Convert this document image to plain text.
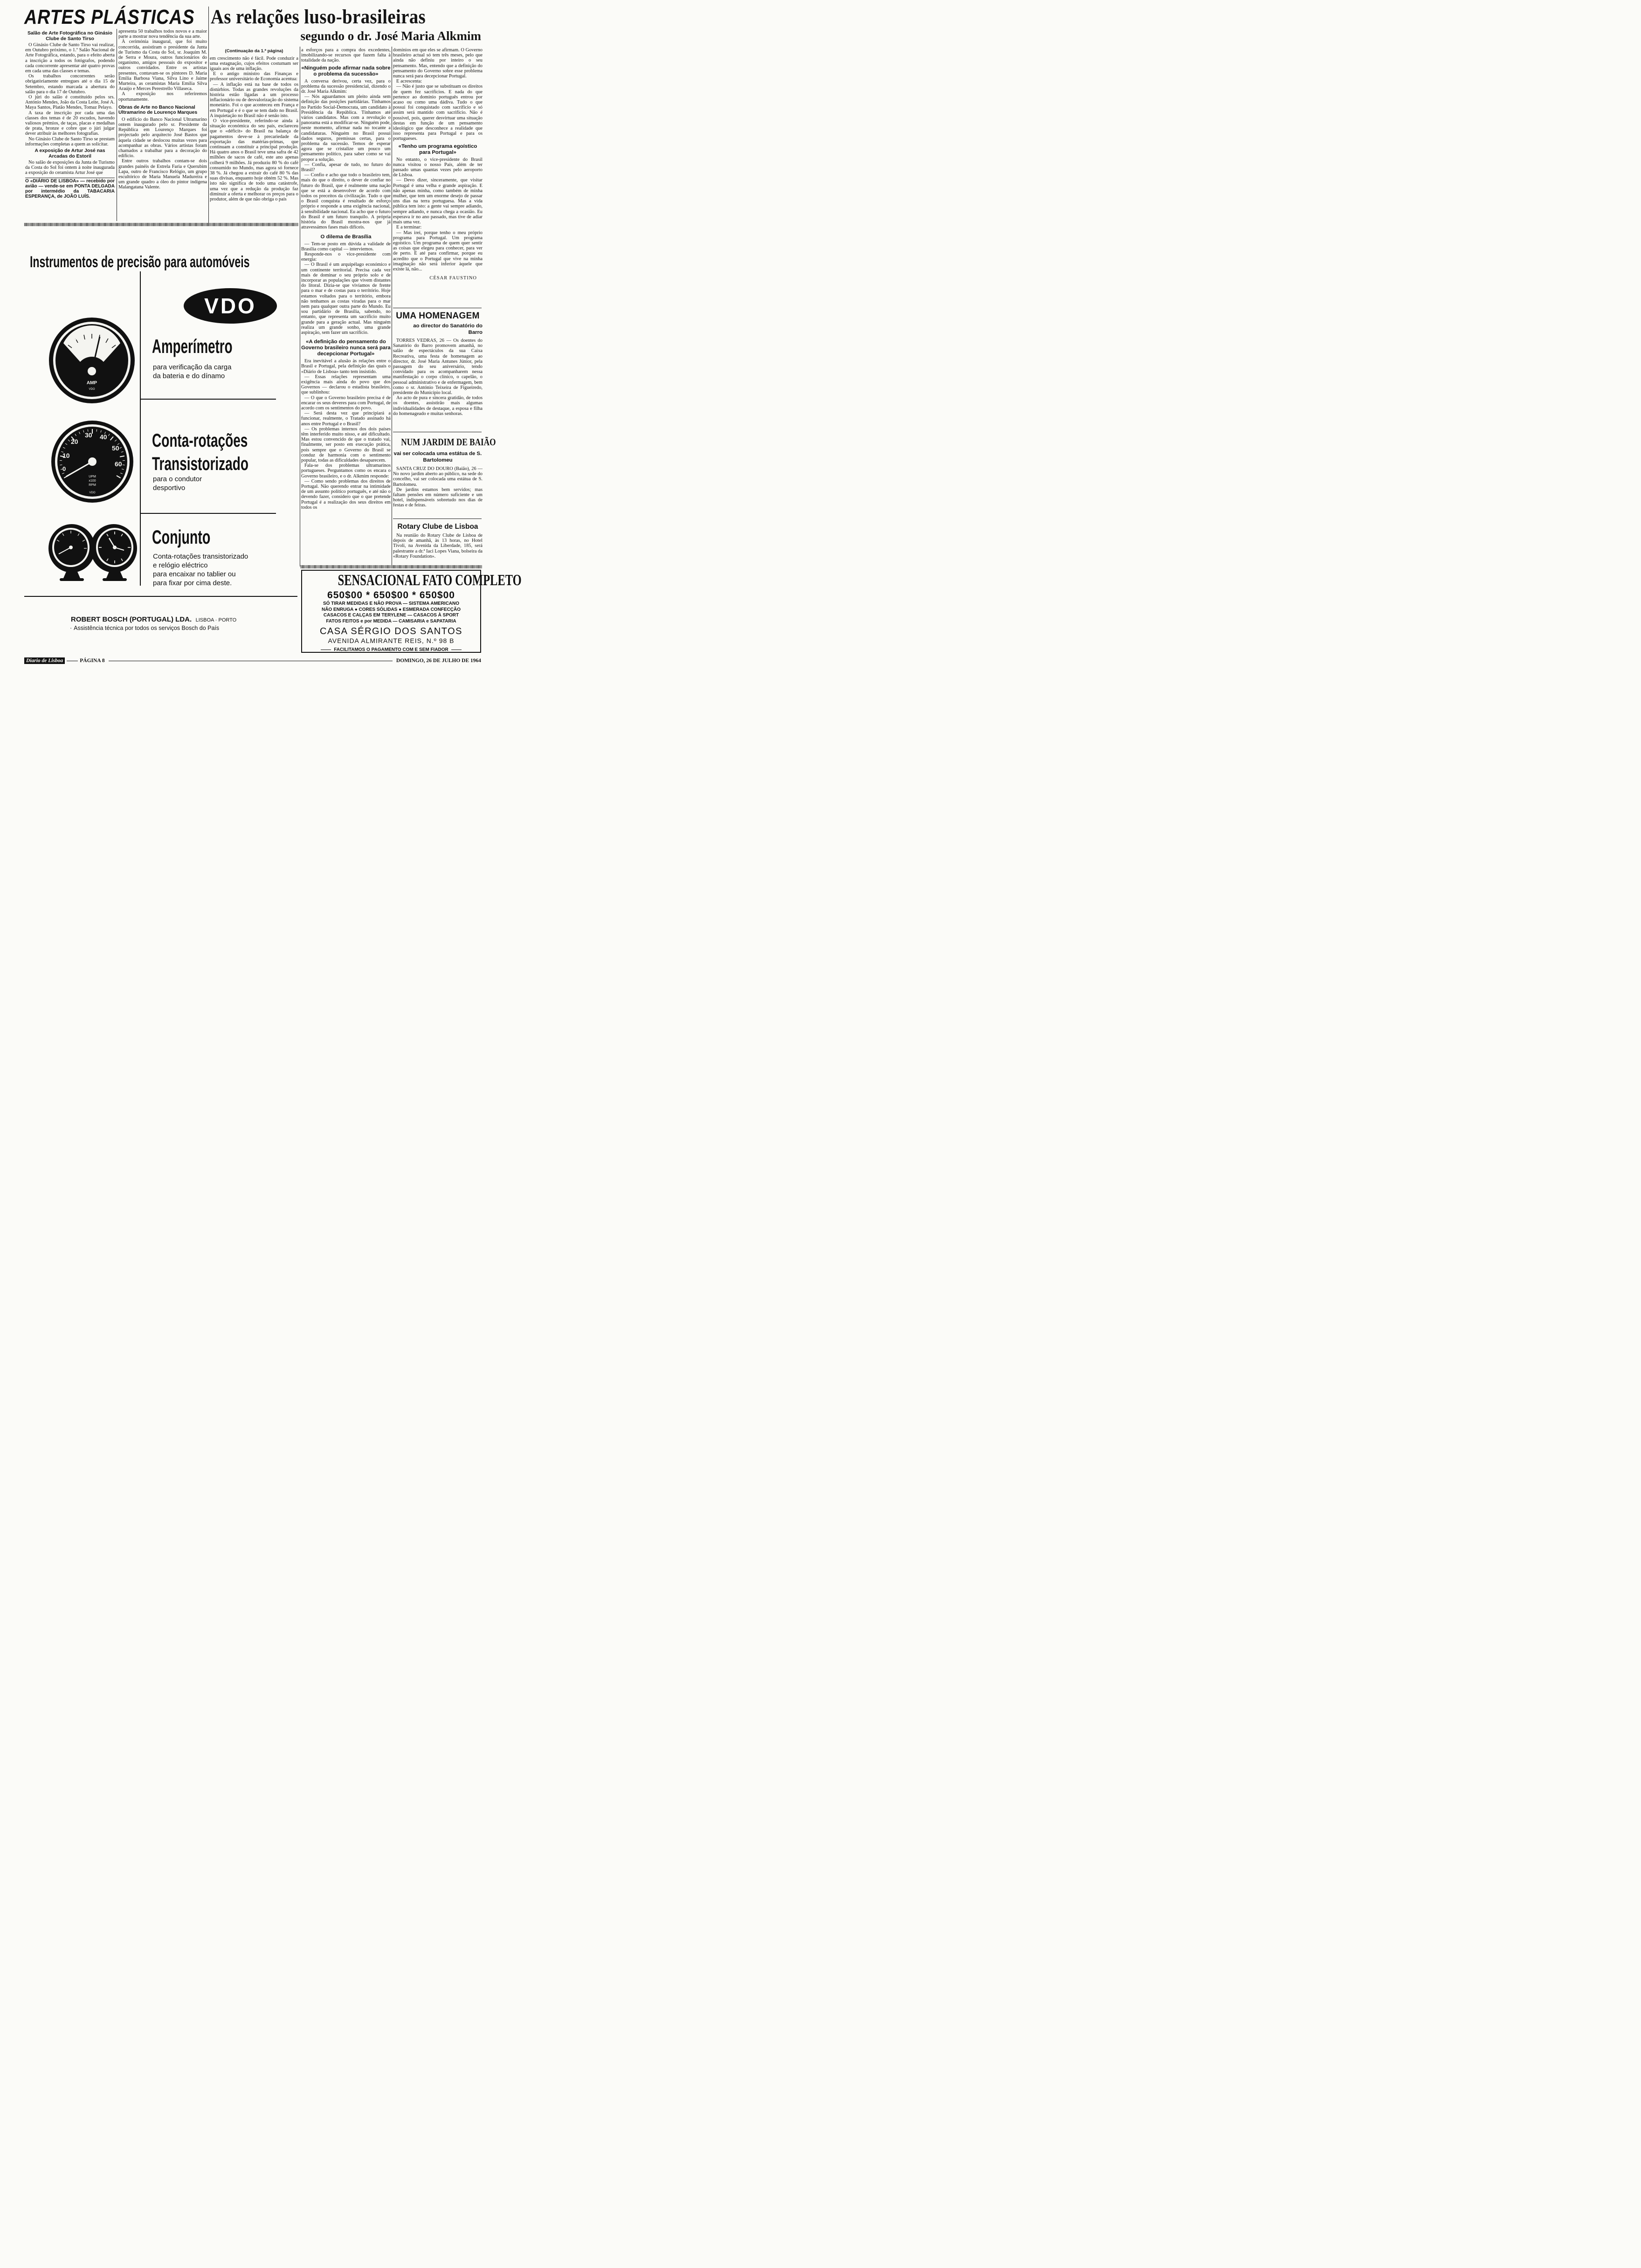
ARTES PLÁSTICAS
Salão de Arte Fotográfica no Ginásio Clube de Santo Tirso
O Ginásio Clube de Santo Tirso vai realizar, em Outubro próximo, o 1.º Salão Nacional de Arte Fotográfica, estando, para o efeito aberta a inscrição a todos os fotógrafos, podendo cada concorrente apresentar até quatro provas em cada uma das classes e temas.
Os trabalhos concorrentes serão obrigatòriamente entregues até o dia 15 de Setembro, estando marcada a abertura do salão para o dia 17 de Outubro.
O júri do salão é constituído pelos srs. António Mendes, João da Costa Leite, José A. Maya Santos, Platão Mendes, Tomaz Pelayo.
A taxa de inscrição por cada uma das classes dos temas é de 20 escudos, havendo valiosos prémios, de taças, placas e medalhas de prata, bronze e cobre que o júri julgar dever atribuir às melhores fotografias.
No Ginásio Clube de Santo Tirso se prestam informações completas a quem as solicitar.
A exposição de Artur José nas Arcadas do Estoril
No salão de exposições da Junta de Turismo da Costa do Sol foi ontem à noite inaugurada a exposição do ceramista Artur José que
O «DIÁRIO DE LISBOA» — recebido por avião — vende-se em PONTA DELGADA por intermédio da TABACARIA ESPERANÇA, de JOÃO LUÍS.
apresenta 50 trabalhos todos novos e a maior parte a mostrar nova tendência da sua arte.
À cerimónia inaugural, que foi muito concorrida, assistiram o presidente da Junta de Turismo da Costa do Sol, sr. Joaquim M. de Serra e Moura, outros funcionários do organismo, amigos pessoais do expositor e outros convidados. Entre os artistas presentes, contavam-se os pintores D. Maria Emília Barbosa Viana, Silva Lino e Jaime Murteira, as ceramistas Maria Emília Silva Araújo e Merces Perestrello Villaseca.
A exposição nos referiremos oportunamente.
Obras de Arte no Banco Nacional Ultramarino de Lourenço Marques
O edifício do Banco Nacional Ultramarino ontem inaugurado pelo sr. Presidente da República em Lourenço Marques foi projectado pelo arquitecto José Bastos que àquela cidade se deslocou muitas vezes para acompanhar as obras. Vários artistas foram chamados a trabalhar para a decoração do edifício.
Entre outros trabalhos contam-se dois grandes painéis de Estrela Faria e Querubim Lapa, outro de Francisco Relógio, um grupo escultórico de Maria Manuela Madureira e um grande quadro a óleo do pintor indígena Malangatana Valente.
As relações luso-brasileiras
segundo o dr. José Maria Alkmim
(Continuação da 1.ª página)
em crescimento não é fácil. Pode conduzir a uma estagnação, cujos efeitos costumam ser iguais aos de uma inflação.
E o antigo ministro das Finanças e professor universitário de Economia acentua:
— A inflação está na base de todos os distúrbios. Todas as grandes revoluções da história estão ligadas a um processo inflacionário ou de desvalorização do sistema monetário. Foi o que aconteceu em França e em Portugal e é o que se tem dado no Brasil. A inquietação no Brasil não é senão isto.
O vice-presidente, referindo-se ainda à situação económica do seu país, esclareceu que o «déficit» do Brasil na balança de pagamentos deve-se à precariedade da exportação das matérias-primas, que continuam a constituir a principal produção. Há quatro anos o Brasil teve uma safra de 42 milhões de sacos de café, este ano apenas colherá 9 milhões. Já produziu 80 % do café consumido no Mundo, mas agora só fornece 38 %. Já chegou a extrair do café 80 % das suas divisas, enquanto hoje obtém 52 %. Mas isto não significa de todo uma catástrofe, uma vez que a redução da produção faz diminuir a oferta e melhorar os preços para o produtor, além de que não obriga o país
a esforços para a compra dos excedentes, imobilizando-se recursos que fazem falta à totalidade da nação.
«Ninguém pode afirmar nada sobre o problema da sucessão»
A conversa derivou, certa vez, para o problema da sucessão presidencial, dizendo o dr. José Maria Alkmim:
— Nós aguardamos um pleito ainda sem definição das posições partidárias. Tínhamos no Partido Social-Democrata, um candidato à Presidência da República. Tínhamos até vários candidatos. Mas com a revolução o panorama está a modificar-se. Ninguém pode, neste momento, afirmar nada no tocante a candidaturas. Ninguém no Brasil possui dados seguros, premissas certas, para o problema da sucessão. Temos de esperar agora que se cristalize um pouco um pensamento político, para saber como se vai propor a solução.
— Confia, apesar de tudo, no futuro do Brasil?
— Confio e acho que todo o brasileiro tem, mais do que o direito, o dever de confiar no futuro do Brasil, que é realmente uma nação que se está a desenvolver de acordo com todos os preceitos da civilização. Tudo o que o Brasil conquista é resultado de esforço próprio e responde a uma exigência nacional, à sensibilidade nacional. Eu acho que o futuro do Brasil é um futuro tranquilo. A própria história do Brasil mostra-nos que já atravessámos fases mais difíceis.
O dilema de Brasília
— Tem-se posto em dúvida a validade de Brasília como capital — interviemos.
Responde-nos o vice-presidente com energia:
— O Brasil é um arquipélago económico e um continente territorial. Precisa cada vez mais de dominar o seu próprio solo e de incorporar as populações que vivem distantes do litoral. Dizia-se que vivíamos de frente para o mar e de costas para o território. Hoje estamos voltados para o território, embora não tenhamos as costas viradas para o mar nem para qualquer outra parte do Mundo. Eu sou partidário de Brasília, sabendo, no entanto, que representa um sacrifício muito grande para a geração actual. Mas ninguém realiza um grande sonho, uma grande aspiração, sem fazer um sacrifício.
«A definição do pensamento do Governo brasileiro nunca será para decepcionar Portugal»
Era inevitável a alusão às relações entre o Brasil e Portugal, pela definição das quais o «Diário de Lisboa» tanto tem insistido.
— Essas relações representam uma exigência mais ainda do povo que dos Governos — declarou o estadista brasileiro, que sublinhou:
— O que o Governo brasileiro precisa é de encarar os seus deveres para com Portugal, de acordo com os sentimentos do povo.
— Será desta vez que principiará a funcionar, realmente, o Tratado assinado há anos entre Portugal e o Brasil?
— Os problemas internos dos dois países têm interferido muito nisso, e até dificultado. Mas estou convencido de que o tratado vai, finalmente, ser posto em execução prática, pois sempre que o Governo do Brasil se conduz de harmonia com o sentimento popular, todas as dificuldades desaparecem.
Fala-se dos problemas ultramarinos portugueses. Perguntamos como os encara o Governo brasileiro, e o dr. Alkmim responde:
— Como sendo problemas dos direitos de Portugal. Não querendo entrar na intimidade de um assunto político português, e até não o devendo fazer, considero que o que pretende Portugal é a realização dos seus direitos em todos os
domínios em que eles se afirmam. O Governo brasileiro actual só tem três meses, pelo que ainda não definiu por inteiro o seu pensamento. Mas, entendo que a definição do pensamento do Governo sobre esse problema nunca será para decepcionar Portugal.
E acrescenta:
— Não é justo que se substituam os direitos de quem fez sacrifícios. E nada do que pertence ao domínio português entrou por acaso ou como uma dádiva. Tudo o que possui foi conquistado com sacrifício e só assim será mantido com sacrifício. Não é possível, pois, querer desvirtuar uma situação destas em função de um pensamento ideológico que desconhece a realidade que isso representa para Portugal e para os portugueses.
«Tenho um programa egoístico para Portugal»
No entanto, o vice-presidente do Brasil nunca visitou o nosso País, além de ter passado umas quantas vezes pelo aeroporto de Lisboa.
— Devo dizer, sinceramente, que visitar Portugal é uma velha e grande aspiração. E não apenas minha, como também de minha mulher, que tem um enorme desejo de passar uns dias na terra portuguesa. Mas a vida pública tem isto: a gente vai sempre adiando, sempre adiando, e nunca chega a ocasião. Eu esperava ir no ano passado, mas tive de adiar mais uma vez.
E a terminar:
— Mas irei, porque tenho o meu próprio programa para Portugal. Um programa egoístico. Um programa de quem quer sentir as coisas que elegeu para conhecer, para ver de perto. É até para confirmar, porque eu acredito que o Portugal que vive na minha imaginação não será inferior àquele que existe lá, não...
CÉSAR FAUSTINO
UMA HOMENAGEM
ao director do Sanatório do Barro
TORRES VEDRAS, 26 — Os doentes do Sanatório do Barro promovem amanhã, no salão de espectáculos da sua Caixa Recreativa, uma festa de homenagem ao director, dr. José Maria Antunes Júnior, pela passagem do seu aniversário, tendo convidado para os acompanharem nessa manifestação o corpo clínico, o capelão, o pessoal administrativo e de enfermagem, bem como o sr. António Teixeira de Figueiredo, presidente do Município local.
Ao acto de pura e sincera gratidão, de todos os doentes, assistirão mais algumas individualidades de destaque, a esposa e filha do homenageado e muitas senhoras.
NUM JARDIM DE BAIÃO
vai ser colocada uma estátua de S. Bartolomeu
SANTA CRUZ DO DOURO (Baião), 26 — No novo jardim aberto ao público, na sede do concelho, vai ser colocada uma estátua de S. Bartolomeu.
De jardins estamos bem servidos; mas faltam pensões em número suficiente e um hotel, indispensáveis sobretudo nos dias de festas e de feiras.
Rotary Clube de Lisboa
Na reunião do Rotary Clube de Lisboa de depois de amanhã, às 13 horas, no Hotel Tivoli, na Avenida da Liberdade, 185, será palestrante a dr.ª Iaci Lopes Viana, bolseira da «Rotary Foundation».
SENSACIONAL FATO COMPLETO
650$00 * 650$00 * 650$00
SÓ TIRAR MEDIDAS E NÃO PROVA — SISTEMA AMERICANO
NÃO ENRUGA ● CORES SÓLIDAS ● ESMERADA CONFECÇÃO
CASACOS E CALÇAS EM TERYLENE — CASACOS À SPORT
FATOS FEITOS e por MEDIDA — CAMISARIA e SAPATARIA
CASA SÉRGIO DOS SANTOS
AVENIDA ALMIRANTE REIS, N.º 98 B
FACILITAMOS O PAGAMENTO COM E SEM FIADOR
Instrumentos de precisão para automóveis
VDO
30	30
— +
AMP
VDO
Amperímetro
para verificação da carga
da bateria e do dínamo
0
10
20
30 40
50
60
UPM
x100
RPM
VDO
Conta-rotações
Transistorizado
para o condutor
desportivo
Conjunto
Conta-rotações transistorizado
e relógio eléctrico
para encaixar no tablier ou
para fixar por cima deste.
ROBERT BOSCH (PORTUGAL) LDA. LISBOA · PORTO
· Assistência técnica por todos os serviços Bosch do País
Diario de Lisboa	PÁGINA 8	DOMINGO, 26 DE JULHO DE 1964
